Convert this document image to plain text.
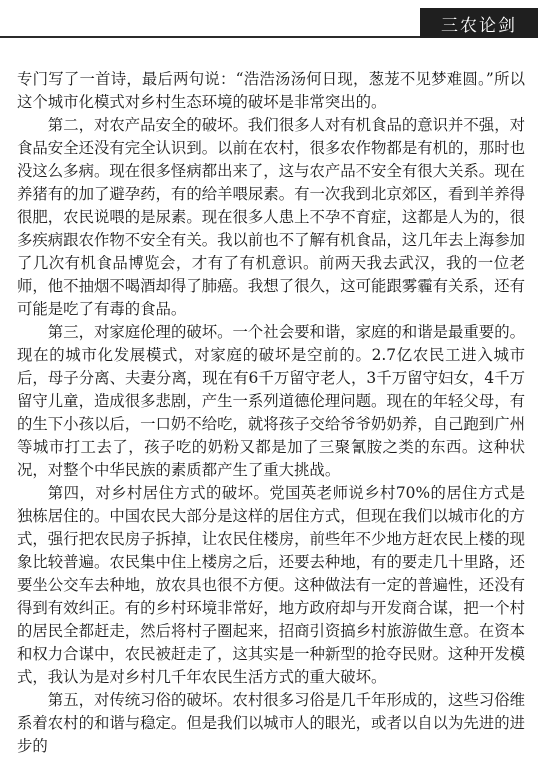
三农论剑

专门写了一首诗，最后两句说：“浩浩汤汤何日现，葱茏不见梦难圆。”所以这个城市化模式对乡村生态环境的破坏是非常突出的。

第二，对农产品安全的破坏。我们很多人对有机食品的意识并不强，对食品安全还没有完全认识到。以前在农村，很多农作物都是有机的，那时也没这么多病。现在很多怪病都出来了，这与农产品不安全有很大关系。现在养猪有的加了避孕药，有的给羊喂尿素。有一次我到北京郊区，看到羊养得很肥，农民说喂的是尿素。现在很多人患上不孕不育症，这都是人为的，很多疾病跟农作物不安全有关。我以前也不了解有机食品，这几年去上海参加了几次有机食品博览会，才有了有机意识。前两天我去武汉，我的一位老师，他不抽烟不喝酒却得了肺癌。我想了很久，这可能跟雾霾有关系，还有可能是吃了有毒的食品。

第三，对家庭伦理的破坏。一个社会要和谐，家庭的和谐是最重要的。现在的城市化发展模式，对家庭的破坏是空前的。2.7亿农民工进入城市后，母子分离、夫妻分离，现在有6千万留守老人，3千万留守妇女，4千万留守儿童，造成很多悲剧，产生一系列道德伦理问题。现在的年轻父母，有的生下小孩以后，一口奶不给吃，就将孩子交给爷爷奶奶养，自己跑到广州等城市打工去了，孩子吃的奶粉又都是加了三聚氰胺之类的东西。这种状况，对整个中华民族的素质都产生了重大挑战。

第四，对乡村居住方式的破坏。党国英老师说乡村70%的居住方式是独栋居住的。中国农民大部分是这样的居住方式，但现在我们以城市化的方式，强行把农民房子拆掉，让农民住楼房，前些年不少地方赶农民上楼的现象比较普遍。农民集中住上楼房之后，还要去种地，有的要走几十里路，还要坐公交车去种地，放农具也很不方便。这种做法有一定的普遍性，还没有得到有效纠正。有的乡村环境非常好，地方政府却与开发商合谋，把一个村的居民全都赶走，然后将村子圈起来，招商引资搞乡村旅游做生意。在资本和权力合谋中，农民被赶走了，这其实是一种新型的抢夺民财。这种开发模式，我认为是对乡村几千年农民生活方式的重大破坏。

第五，对传统习俗的破坏。农村很多习俗是几千年形成的，这些习俗维系着农村的和谐与稳定。但是我们以城市人的眼光，或者以自以为先进的进步的
